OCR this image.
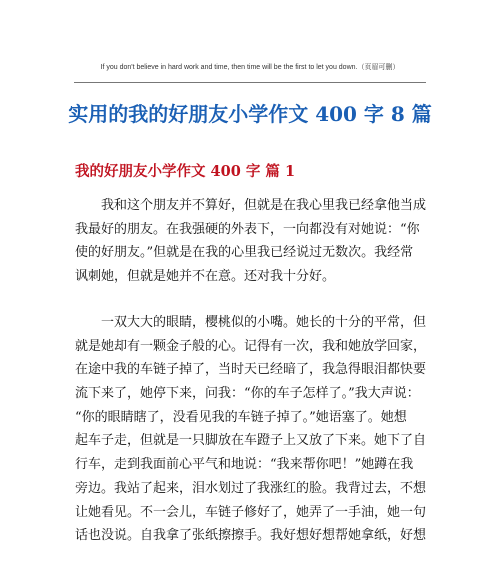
If you don't believe in hard work and time, then time will be the first to let you down.（页眉可删）
实用的我的好朋友小学作文 400 字 8 篇
我的好朋友小学作文 400 字 篇 1
　　我和这个朋友并不算好，但就是在我心里我已经拿他当成
我最好的朋友。在我强硬的外表下，一向都没有对她说：“你
使的好朋友。”但就是在我的心里我已经说过无数次。我经常
讽刺她，但就是她并不在意。还对我十分好。
　　一双大大的眼睛，樱桃似的小嘴。她长的十分的平常，但
就是她却有一颗金子般的心。记得有一次，我和她放学回家，
在途中我的车链子掉了，当时天已经暗了，我急得眼泪都快要
流下来了，她停下来，问我：“你的车子怎样了。”我大声说：
“你的眼睛瞎了，没看见我的车链子掉了。”她语塞了。她想
起车子走，但就是一只脚放在车蹬子上又放了下来。她下了自
行车，走到我面前心平气和地说：“我来帮你吧！”她蹲在我
旁边。我站了起来，泪水划过了我涨红的脸。我背过去，不想
让她看见。不一会儿，车链子修好了，她弄了一手油，她一句
话也没说。自我拿了张纸擦擦手。我好想好想帮她拿纸，好想
